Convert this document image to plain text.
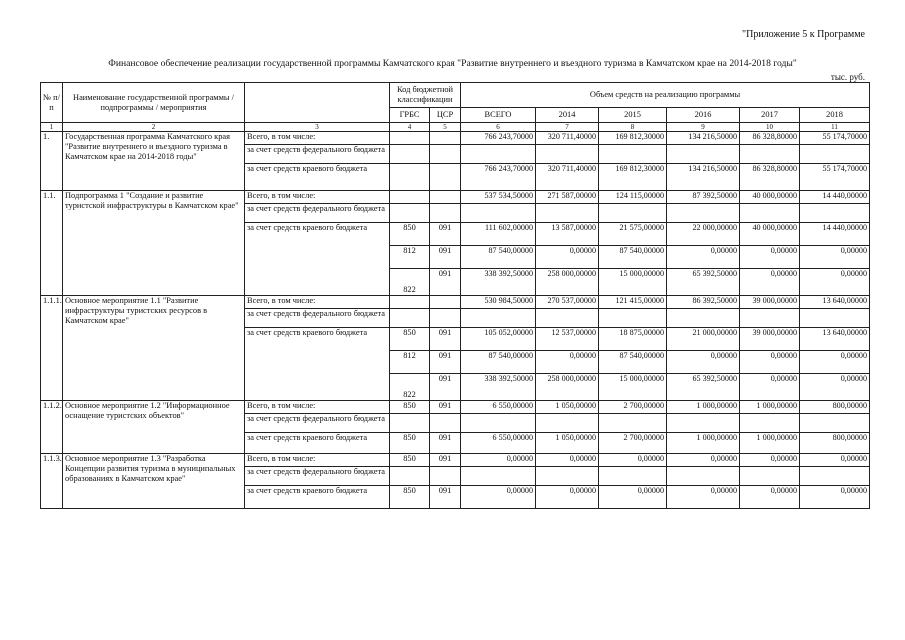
"Приложение 5 к Программе
Финансовое обеспечение реализации государственной программы Камчатского края "Развитие внутреннего и въездного туризма в Камчатском крае на 2014-2018 годы"
тыс. руб.
№ п/п	Наименование государственной программы / подпрограммы / мероприятия		Код бюджетной классификации		Объем средств на реализацию программы					
			ГРБС	ЦСР	ВСЕГО	2014	2015	2016	2017	2018
1	2	3	4	5	6	7	8	9	10	11
1.	Государственная программа Камчатского края "Развитие внутреннего и въездного туризма в Камчатском крае на 2014-2018 годы"	Всего, в том числе:			766 243,70000	320 711,40000	169 812,30000	134 216,50000	86 328,80000	55 174,70000
		за счет средств федерального бюджета								
		за счет средств краевого бюджета			766 243,70000	320 711,40000	169 812,30000	134 216,50000	86 328,80000	55 174,70000
1.1.	Подпрограмма 1 "Создание и развитие туристской инфраструктуры в Камчатском крае"	Всего, в том числе:			537 534,50000	271 587,00000	124 115,00000	87 392,50000	40 000,00000	14 440,00000
		за счет средств федерального бюджета								
		за счет средств краевого бюджета	850	091	111 602,00000	13 587,00000	21 575,00000	22 000,00000	40 000,00000	14 440,00000
			812	091	87 540,00000	0,00000	87 540,00000	0,00000	0,00000	0,00000
			822	091	338 392,50000	258 000,00000	15 000,00000	65 392,50000	0,00000	0,00000
1.1.1.	Основное мероприятие 1.1 "Развитие инфраструктуры туристских ресурсов в Камчатском крае"	Всего, в том числе:			530 984,50000	270 537,00000	121 415,00000	86 392,50000	39 000,00000	13 640,00000
		за счет средств федерального бюджета								
		за счет средств краевого бюджета	850	091	105 052,00000	12 537,00000	18 875,00000	21 000,00000	39 000,00000	13 640,00000
			812	091	87 540,00000	0,00000	87 540,00000	0,00000	0,00000	0,00000
			822	091	338 392,50000	258 000,00000	15 000,00000	65 392,50000	0,00000	0,00000
1.1.2.	Основное мероприятие 1.2 "Информационное оснащение туристских объектов"	Всего, в том числе:	850	091	6 550,00000	1 050,00000	2 700,00000	1 000,00000	1 000,00000	800,00000
		за счет средств федерального бюджета								
		за счет средств краевого бюджета	850	091	6 550,00000	1 050,00000	2 700,00000	1 000,00000	1 000,00000	800,00000
1.1.3.	Основное мероприятие 1.3 "Разработка Концепции развития туризма в муниципальных образованиях в Камчатском крае"	Всего, в том числе:	850	091	0,00000	0,00000	0,00000	0,00000	0,00000	0,00000
		за счет средств федерального бюджета								
		за счет средств краевого бюджета	850	091	0,00000	0,00000	0,00000	0,00000	0,00000	0,00000
